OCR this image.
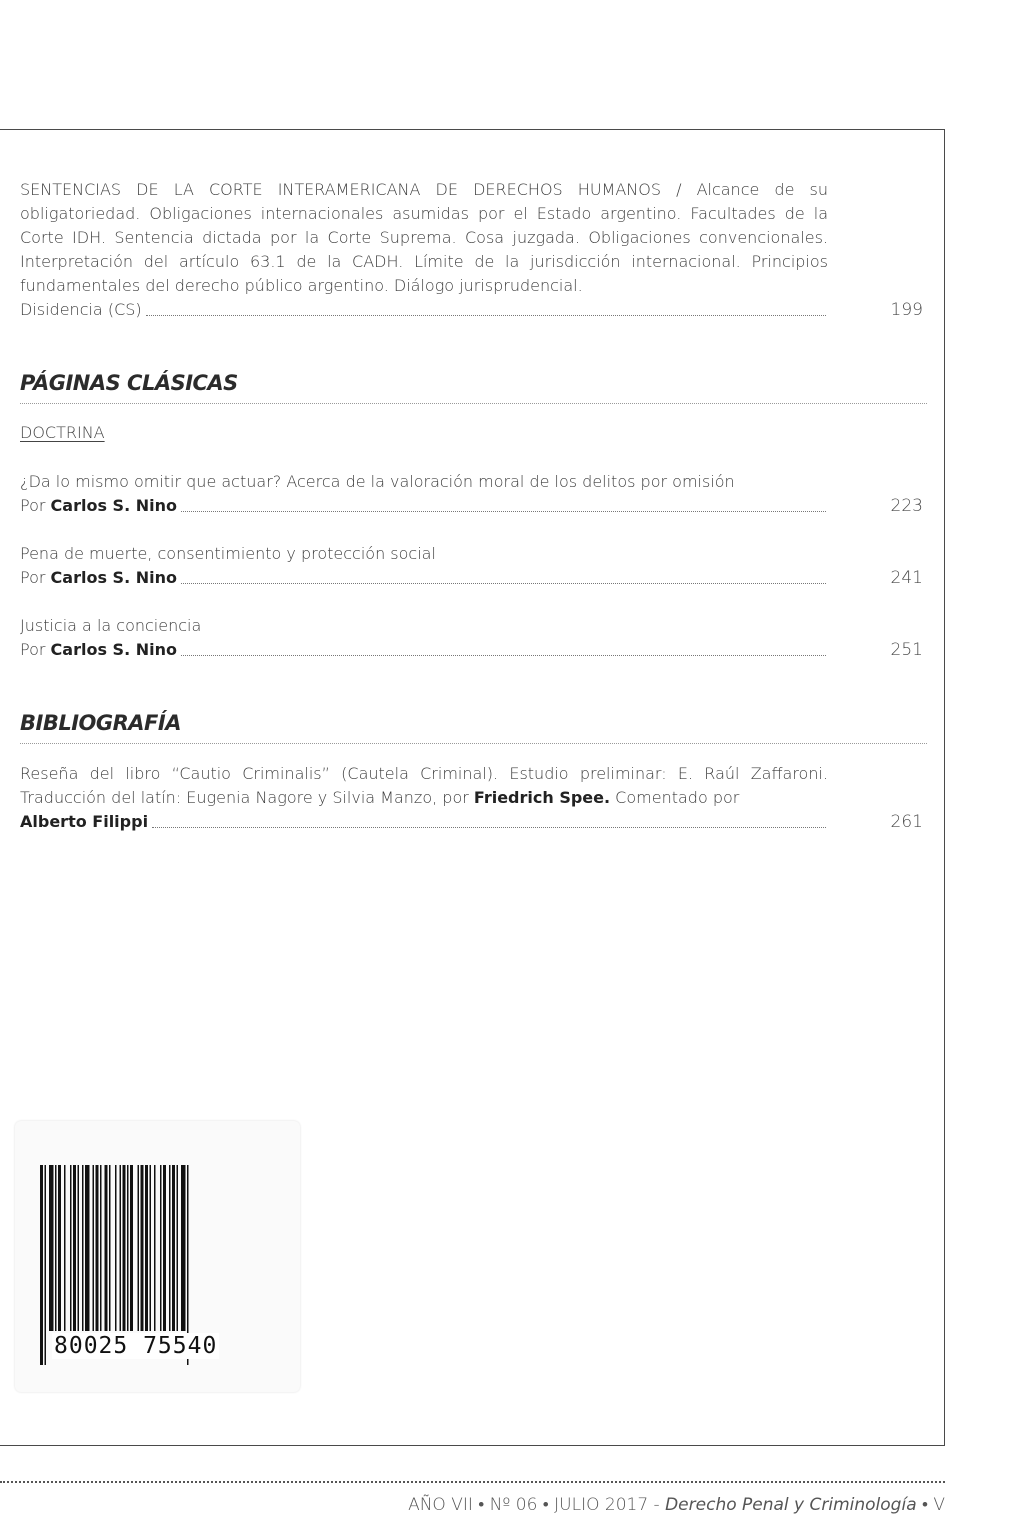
SENTENCIAS DE LA CORTE INTERAMERICANA DE DERECHOS HUMANOS / Alcance de su obligatoriedad. Obligaciones internacionales asumidas por el Estado argentino. Facultades de la Corte IDH. Sentencia dictada por la Corte Suprema. Cosa juzgada. Obligaciones convencionales. Interpretación del artículo 63.1 de la CADH. Límite de la jurisdicción internacional. Principios fundamentales del derecho público argentino. Diálogo jurisprudencial.
Disidencia (CS)	199
PÁGINAS CLÁSICAS
DOCTRINA
¿Da lo mismo omitir que actuar? Acerca de la valoración moral de los delitos por omisión
Por
Carlos S. Nino	223
Pena de muerte, consentimiento y protección social
Por
Carlos S. Nino	241
Justicia a la conciencia
Por
Carlos S. Nino	251
BIBLIOGRAFÍA
Reseña del libro “Cautio Criminalis” (Cautela Criminal). Estudio preliminar: E. Raúl Zaffaroni. Traducción del latín: Eugenia Nagore y Silvia Manzo, por Friedrich Spee. Comentado por
Alberto Filippi	261
80025 75540
AÑO VII • Nº 06 • JULIO 2017 - Derecho Penal y Criminología • V
